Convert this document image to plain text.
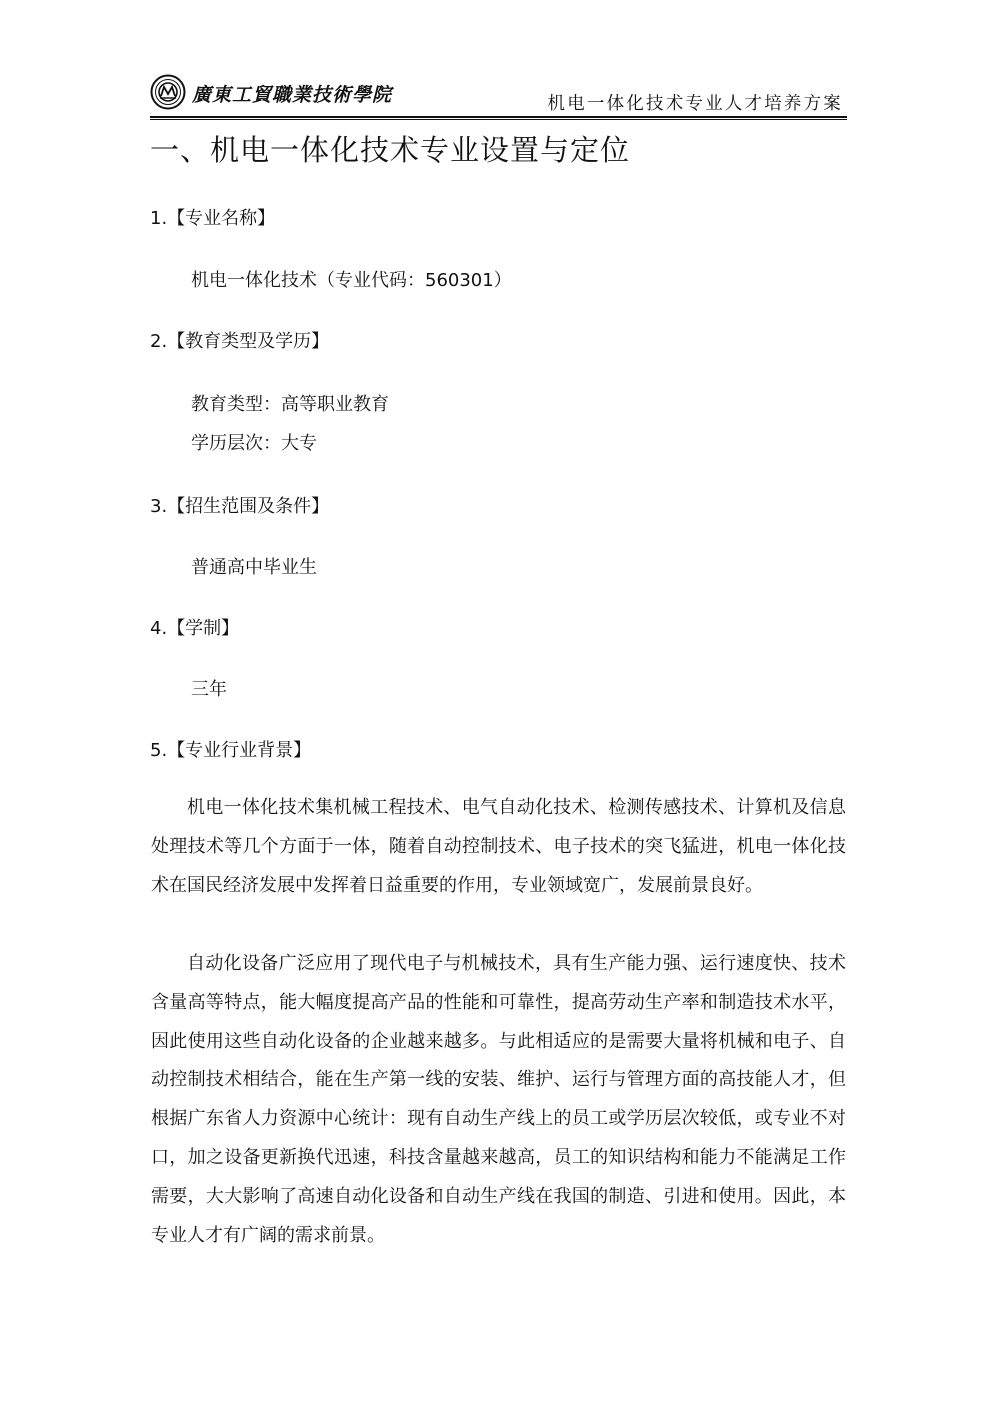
廣東工貿職業技術學院	机电一体化技术专业人才培养方案
一、机电一体化技术专业设置与定位
1.【专业名称】
机电一体化技术（专业代码：560301）
2.【教育类型及学历】
教育类型：高等职业教育
学历层次：大专
3.【招生范围及条件】
普通高中毕业生
4.【学制】
三年
5.【专业行业背景】

机电一体化技术集机械工程技术、电气自动化技术、检测传感技术、计算机及信息处理技术等几个方面于一体，随着自动控制技术、电子技术的突飞猛进，机电一体化技术在国民经济发展中发挥着日益重要的作用，专业领域宽广，发展前景良好。

自动化设备广泛应用了现代电子与机械技术，具有生产能力强、运行速度快、技术含量高等特点，能大幅度提高产品的性能和可靠性，提高劳动生产率和制造技术水平，因此使用这些自动化设备的企业越来越多。与此相适应的是需要大量将机械和电子、自动控制技术相结合，能在生产第一线的安装、维护、运行与管理方面的高技能人才，但根据广东省人力资源中心统计：现有自动生产线上的员工或学历层次较低，或专业不对口，加之设备更新换代迅速，科技含量越来越高，员工的知识结构和能力不能满足工作需要，大大影响了高速自动化设备和自动生产线在我国的制造、引进和使用。因此，本专业人才有广阔的需求前景。
